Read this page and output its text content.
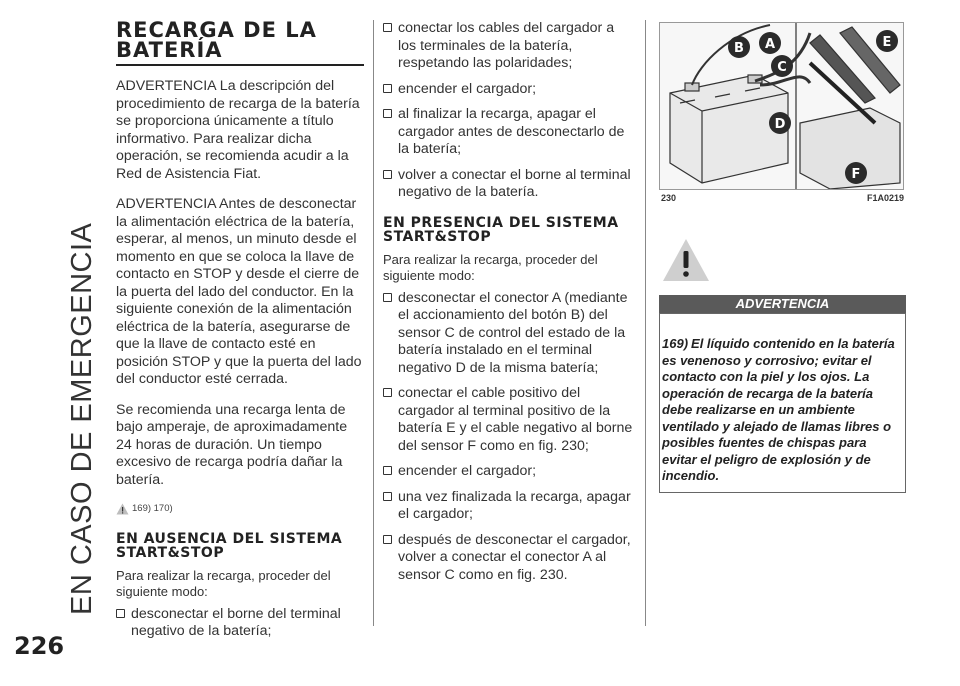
EN CASO DE EMERGENCIA
226
RECARGA DE LA BATERÍA

ADVERTENCIA La descripción del procedimiento de recarga de la batería se proporciona únicamente a título informativo. Para realizar dicha operación, se recomienda acudir a la Red de Asistencia Fiat.

ADVERTENCIA Antes de desconectar la alimentación eléctrica de la batería, esperar, al menos, un minuto desde el momento en que se coloca la llave de contacto en STOP y desde el cierre de la puerta del lado del conductor. En la siguiente conexión de la alimentación eléctrica de la batería, asegurarse de que la llave de contacto esté en posición STOP y que la puerta del lado del conductor esté cerrada.

Se recomienda una recarga lenta de bajo amperaje, de aproximadamente 24 horas de duración. Un tiempo excesivo de recarga podría dañar la batería.

169) 170)
EN AUSENCIA DEL SISTEMA START&STOP

Para realizar la recarga, proceder del siguiente modo:

desconectar el borne del terminal negativo de la batería;
conectar los cables del cargador a los terminales de la batería, respetando las polaridades;
encender el cargador;
al finalizar la recarga, apagar el cargador antes de desconectarlo de la batería;
volver a conectar el borne al terminal negativo de la batería.
EN PRESENCIA DEL SISTEMA START&STOP

Para realizar la recarga, proceder del siguiente modo:

desconectar el conector A (mediante el accionamiento del botón B) del sensor C de control del estado de la batería instalado en el terminal negativo D de la misma batería;
conectar el cable positivo del cargador al terminal positivo de la batería E y el cable negativo al borne del sensor F como en fig. 230;
encender el cargador;
una vez finalizada la recarga, apagar el cargador;
después de desconectar el cargador, volver a conectar el conector A al sensor C como en fig. 230.
B A
C
D
E
F
230	F1A0219
ADVERTENCIA
169) El líquido contenido en la batería es venenoso y corrosivo; evitar el contacto con la piel y los ojos. La operación de recarga de la batería debe realizarse en un ambiente ventilado y alejado de llamas libres o posibles fuentes de chispas para evitar el peligro de explosión y de incendio.
